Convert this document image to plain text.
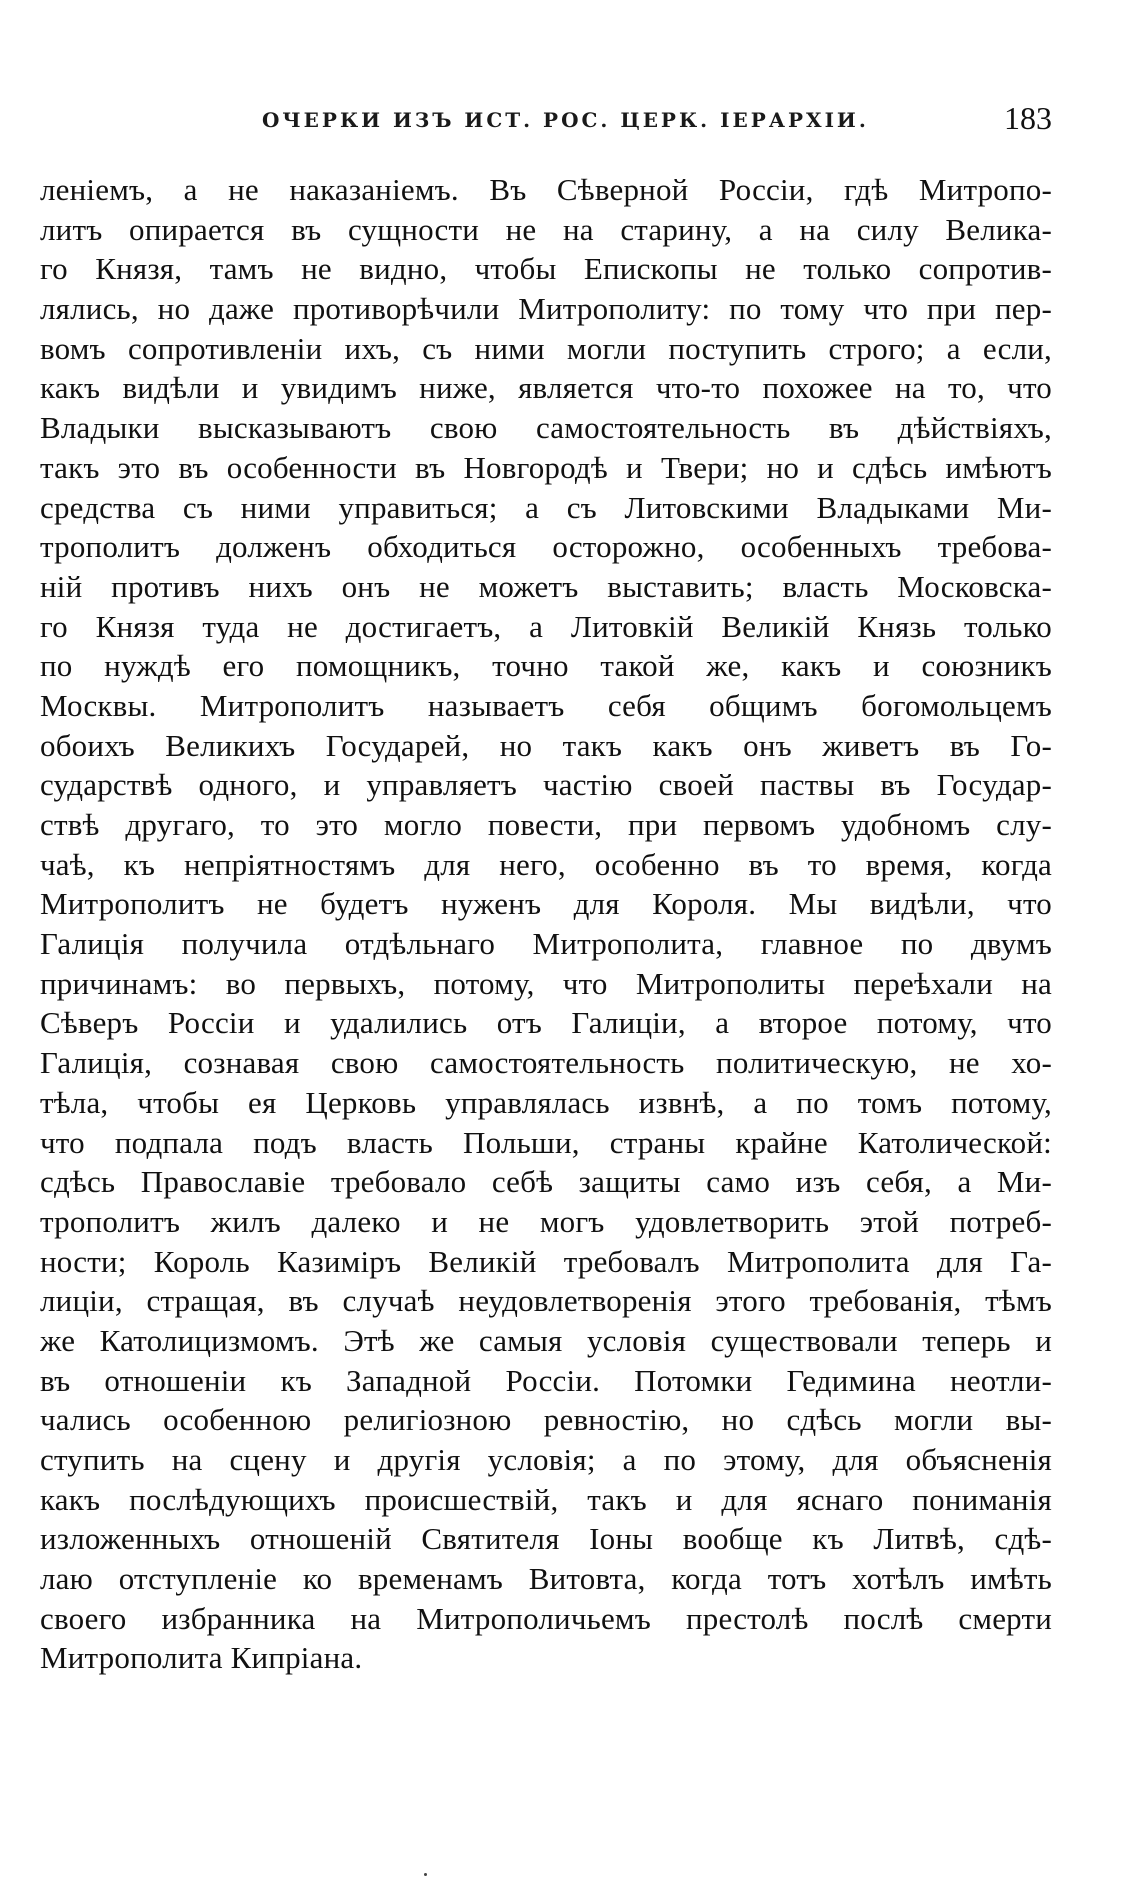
ОЧЕРКИ ИЗЪ ИСТ. РОС. ЦЕРК. IЕРАРХIИ.	183
ленiемъ, а не наказанiемъ. Въ Сѣверной Россiи, гдѣ Митропо-
литъ опирается въ сущности не на старину, а на силу Велика-
го Князя, тамъ не видно, чтобы Епископы не только сопротив-
лялись, но даже противорѣчили Митрополиту: по тому что при пер-
вомъ сопротивленiи ихъ, съ ними могли поступить строго; а если,
какъ видѣли и увидимъ ниже, является что-то похожее на то, что
Владыки высказываютъ свою самостоятельность въ дѣйствiяхъ,
такъ это въ особенности въ Новгородѣ и Твери; но и сдѣсь имѣютъ
средства съ ними управиться; а съ Литовскими Владыками Ми-
трополитъ долженъ обходиться осторожно, особенныхъ требова-
нiй противъ нихъ онъ не можетъ выставить; власть Московска-
го Князя туда не достигаетъ, а Литовкiй Великiй Князь только
по нуждѣ его помощникъ, точно такой же, какъ и союзникъ
Москвы. Митрополитъ называетъ себя общимъ богомольцемъ
обоихъ Великихъ Государей, но такъ какъ онъ живетъ въ Го-
сударствѣ одного, и управляетъ частiю своей паствы въ Государ-
ствѣ другаго, то это могло повести, при первомъ удобномъ слу-
чаѣ, къ непрiятностямъ для него, особенно въ то время, когда
Митрополитъ не будетъ нуженъ для Короля. Мы видѣли, что
Галицiя получила отдѣльнаго Митрополита, главное по двумъ
причинамъ: во первыхъ, потому, что Митрополиты переѣхали на
Сѣверъ Россiи и удалились отъ Галицiи, а второе потому, что
Галицiя, сознавая свою самостоятельность политическую, не хо-
тѣла, чтобы ея Церковь управлялась извнѣ, а по томъ потому,
что подпала подъ власть Польши, страны крайне Католической:
сдѣсь Православiе требовало себѣ защиты само изъ себя, а Ми-
трополитъ жилъ далеко и не могъ удовлетворить этой потреб-
ности; Король Казимiръ Великiй требовалъ Митрополита для Га-
лицiи, стращая, въ случаѣ неудовлетворенiя этого требованiя, тѣмъ
же Католицизмомъ. Этѣ же самыя условiя существовали теперь и
въ отношенiи къ Западной Россiи. Потомки Гедимина неотли-
чались особенною религiозною ревностiю, но сдѣсь могли вы-
ступить на сцену и другiя условiя; а по этому, для объясненiя
какъ послѣдующихъ происшествiй, такъ и для яснаго пониманiя
изложенныхъ отношенiй Святителя Iоны вообще къ Литвѣ, сдѣ-
лаю отступленiе ко временамъ Витовта, когда тотъ хотѣлъ имѣть
своего избранника на Митрополичьемъ престолѣ послѣ смерти
Митрополита Кипрiана.
